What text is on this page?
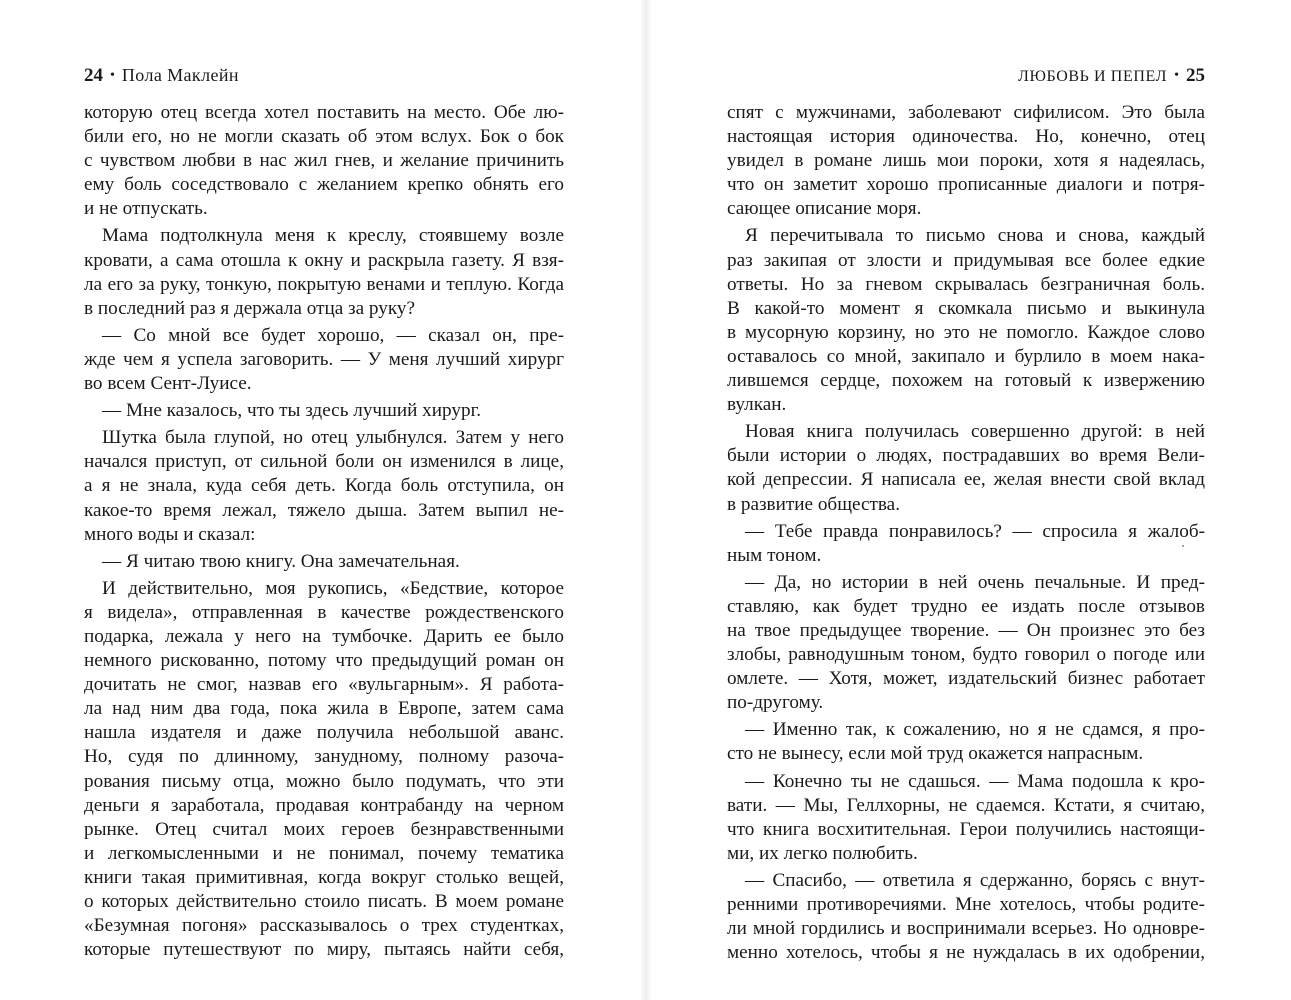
24 • Пола Маклейн
которую отец всегда хотел поставить на место. Обе лю-
били его, но не могли сказать об этом вслух. Бок о бок
с чувством любви в нас жил гнев, и желание причинить
ему боль соседствовало с желанием крепко обнять его
и не отпускать.
Мама подтолкнула меня к креслу, стоявшему возле
кровати, а сама отошла к окну и раскрыла газету. Я взя-
ла его за руку, тонкую, покрытую венами и теплую. Когда
в последний раз я держала отца за руку?
— Со мной все будет хорошо, — сказал он, пре-
жде чем я успела заговорить. — У меня лучший хирург
во всем Сент-Луисе.
— Мне казалось, что ты здесь лучший хирург.
Шутка была глупой, но отец улыбнулся. Затем у него
начался приступ, от сильной боли он изменился в лице,
а я не знала, куда себя деть. Когда боль отступила, он
какое-то время лежал, тяжело дыша. Затем выпил не-
много воды и сказал:
— Я читаю твою книгу. Она замечательная.
И действительно, моя рукопись, «Бедствие, которое
я видела», отправленная в качестве рождественского
подарка, лежала у него на тумбочке. Дарить ее было
немного рискованно, потому что предыдущий роман он
дочитать не смог, назвав его «вульгарным». Я работа-
ла над ним два года, пока жила в Европе, затем сама
нашла издателя и даже получила небольшой аванс.
Но, судя по длинному, занудному, полному разоча-
рования письму отца, можно было подумать, что эти
деньги я заработала, продавая контрабанду на черном
рынке. Отец считал моих героев безнравственными
и легкомысленными и не понимал, почему тематика
книги такая примитивная, когда вокруг столько вещей,
о которых действительно стоило писать. В моем романе
«Безумная погоня» рассказывалось о трех студентках,
которые путешествуют по миру, пытаясь найти себя,
ЛЮБОВЬ И ПЕПЕЛ • 25
спят с мужчинами, заболевают сифилисом. Это была
настоящая история одиночества. Но, конечно, отец
увидел в романе лишь мои пороки, хотя я надеялась,
что он заметит хорошо прописанные диалоги и потря-
сающее описание моря.
Я перечитывала то письмо снова и снова, каждый
раз закипая от злости и придумывая все более едкие
ответы. Но за гневом скрывалась безграничная боль.
В какой-то момент я скомкала письмо и выкинула
в мусорную корзину, но это не помогло. Каждое слово
оставалось со мной, закипало и бурлило в моем нака-
лившемся сердце, похожем на готовый к извержению
вулкан.
Новая книга получилась совершенно другой: в ней
были истории о людях, пострадавших во время Вели-
кой депрессии. Я написала ее, желая внести свой вклад
в развитие общества.
— Тебе правда понравилось? — спросила я жалоб-
ным тоном.
— Да, но истории в ней очень печальные. И пред-
ставляю, как будет трудно ее издать после отзывов
на твое предыдущее творение. — Он произнес это без
злобы, равнодушным тоном, будто говорил о погоде или
омлете. — Хотя, может, издательский бизнес работает
по-другому.
— Именно так, к сожалению, но я не сдамся, я про-
сто не вынесу, если мой труд окажется напрасным.
— Конечно ты не сдашься. — Мама подошла к кро-
вати. — Мы, Геллхорны, не сдаемся. Кстати, я считаю,
что книга восхитительная. Герои получились настоящи-
ми, их легко полюбить.
— Спасибо, — ответила я сдержанно, борясь с внут-
ренними противоречиями. Мне хотелось, чтобы родите-
ли мной гордились и воспринимали всерьез. Но одновре-
менно хотелось, чтобы я не нуждалась в их одобрении,
